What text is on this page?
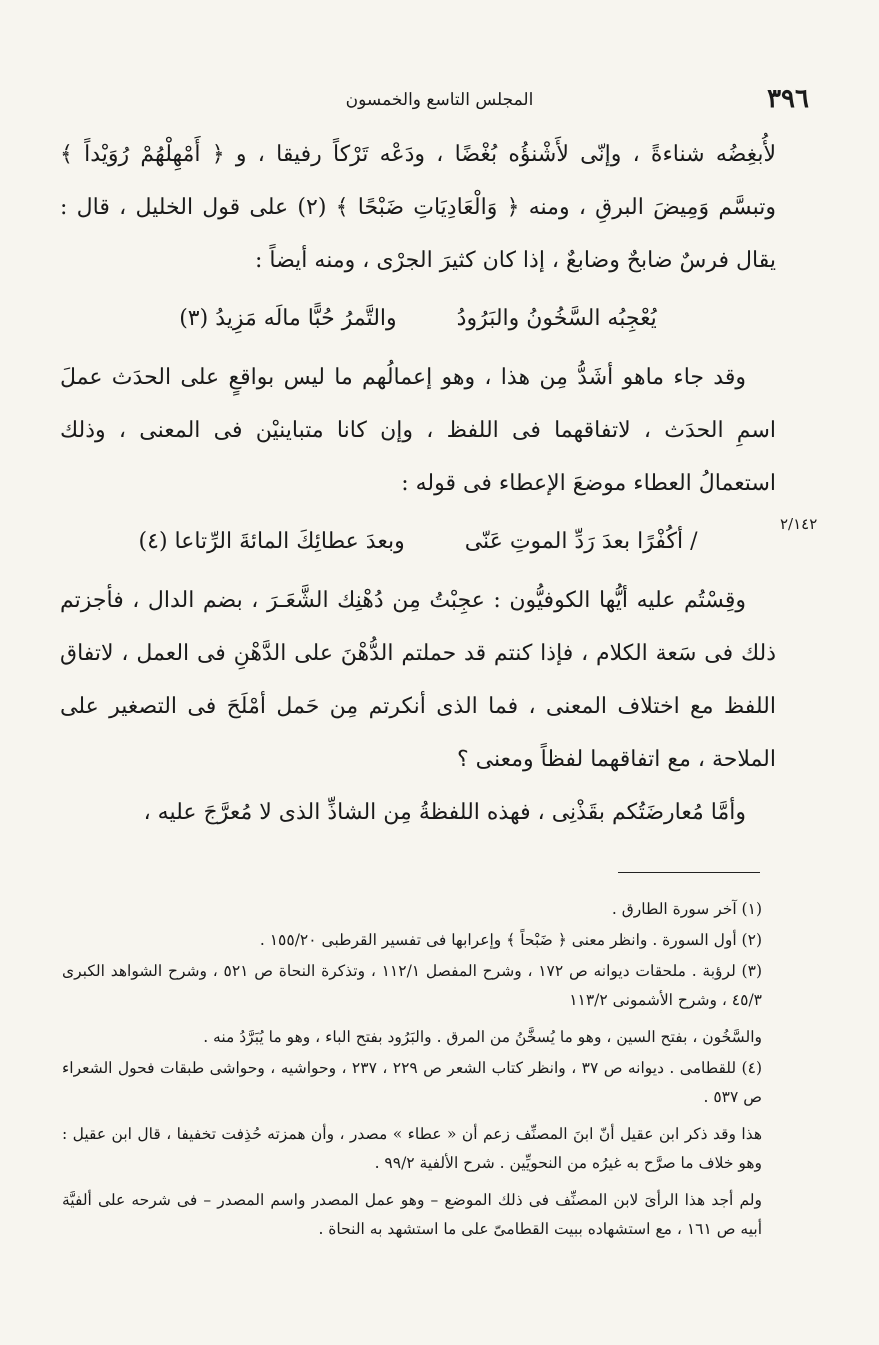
المجلس التاسع والخمسون	٣٩٦
٢/١٤٢

لأُبغِضُه شناءةً ، وإنّى لأَشْنؤُه بُغْضًا ، ودَعْه تَرْكاً رفيقا ، و ﴿ أَمْهِلْهُمْ رُوَيْداً ﴾ وتبسَّم وَمِيضَ البرقِ ، ومنه ﴿ وَالْعَادِيَاتِ ضَبْحًا ﴾ (٢) على قول الخليل ، قال : يقال فرسٌ ضابحٌ وضابعٌ ، إذا كان كثيرَ الجرْى ، ومنه أيضاً :

يُعْجِبُه السَّخُونُ والبَرُودُ
والتَّمرُ حُبًّا مالَه مَزِيدُ (٣)

وقد جاء ماهو أشَدُّ مِن هذا ، وهو إعمالُهم ما ليس بواقعٍ على الحدَث عملَ اسمِ الحدَث ، لاتفاقهما فى اللفظ ، وإن كانا متباينيْن فى المعنى ، وذلك استعمالُ العطاء موضعَ الإعطاء فى قوله :

/ أكُفْرًا بعدَ رَدِّ الموتِ عَنّى
وبعدَ عطائِكَ المائةَ الرِّتاعا (٤)

وقِسْتُم عليه أيُّها الكوفيُّون : عجِبْتُ مِن دُهْنِك الشَّعَـرَ ، بضم الدال ، فأجزتم ذلك فى سَعة الكلام ، فإذا كنتم قد حملتم الدُّهْنَ على الدَّهْنِ فى العمل ، لاتفاق اللفظ مع اختلاف المعنى ، فما الذى أنكرتم مِن حَمل أمْلَحَ فى التصغير على الملاحة ، مع اتفاقهما لفظاً ومعنى ؟

وأمَّا مُعارضَتُكم بقَذْنِى ، فهذه اللفظةُ مِن الشاذِّ الذى لا مُعرَّجَ عليه ،

(١) آخر سورة الطارق .

(٢) أول السورة . وانظر معنى ﴿ ضَبْحاً ﴾ وإعرابها فى تفسير القرطبى ١٥٥/٢٠ .

(٣) لرؤبة . ملحقات ديوانه ص ١٧٢ ، وشرح المفصل ١١٢/١ ، وتذكرة النحاة ص ٥٢١ ، وشرح الشواهد الكبرى ٤٥/٣ ، وشرح الأشمونى ١١٣/٢

والسَّخُون ، بفتح السين ، وهو ما يُسخَّنُ من المرق . والبَرُود بفتح الباء ، وهو ما يُبَرَّدُ منه .

(٤) للقطامى . ديوانه ص ٣٧ ، وانظر كتاب الشعر ص ٢٢٩ ، ٢٣٧ ، وحواشيه ، وحواشى طبقات فحول الشعراء ص ٥٣٧ .

هذا وقد ذكر ابن عقيل أنّ ابنَ المصنِّف زعم أن « عطاء » مصدر ، وأن همزته حُذِفت تخفيفا ، قال ابن عقيل : وهو خلاف ما صرَّح به غيرُه من النحويِّين . شرح الألفية ٩٩/٢ .

ولم أجد هذا الرأىَ لابن المصنِّف فى ذلك الموضع – وهو عمل المصدر واسم المصدر – فى شرحه على ألفيَّة أبيه ص ١٦١ ، مع استشهاده ببيت القطامىّ على ما استشهد به النحاة .
